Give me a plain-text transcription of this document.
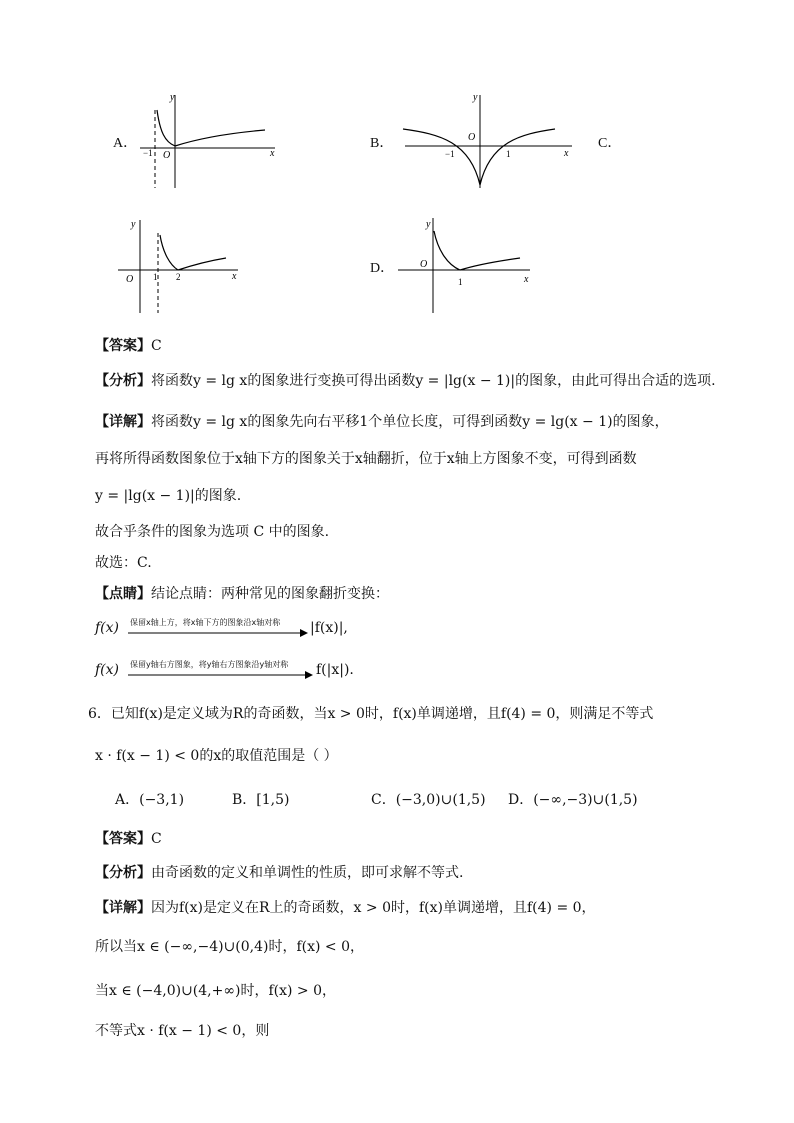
A．	B．	C．
D．
y
x
O
−1
y
x
O
−1	1
y
x
O 1 2
y
x
O
1
【答案】C
【分析】将函数y = lg x的图象进行变换可得出函数y = |lg(x − 1)|的图象，由此可得出合适的选项.
【详解】将函数y = lg x的图象先向右平移1个单位长度，可得到函数y = lg(x − 1)的图象，
再将所得函数图象位于x轴下方的图象关于x轴翻折，位于x轴上方图象不变，可得到函数
y = |lg(x − 1)|的图象.
故合乎条件的图象为选项 C 中的图象.
故选：C.
【点睛】结论点睛：两种常见的图象翻折变换：
f(x) 保留x轴上方，将x轴下方的图象沿x轴对称 |f(x)|,
f(x) 保留y轴右方图象，将y轴右方图象沿y轴对称 f(|x|).
6．已知f(x)是定义域为R的奇函数，当x > 0时，f(x)单调递增，且f(4) = 0，则满足不等式
x · f(x − 1) < 0的x的取值范围是（ ）
A．(−3,1)	B．[1,5)	C．(−3,0)∪(1,5) D．(−∞,−3)∪(1,5)
【答案】C
【分析】由奇函数的定义和单调性的性质，即可求解不等式.
【详解】因为f(x)是定义在R上的奇函数，x > 0时，f(x)单调递增，且f(4) = 0，
所以当x ∈ (−∞,−4)∪(0,4)时，f(x) < 0，
当x ∈ (−4,0)∪(4,+∞)时，f(x) > 0，
不等式x · f(x − 1) < 0，则
